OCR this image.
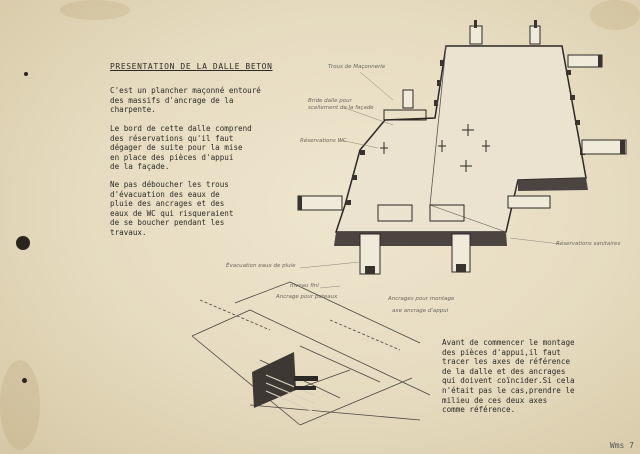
Trous de Maçonnerie
Bride dalle pour
scellement de la façade
Réservations WC
Réservations sanitaires
Évacuation eaux de pluie
niveau fini
Ancrage pour poteaux	Ancrages pour montage
axe ancrage d'appui
PRESENTATION DE LA DALLE BETON
C'est un plancher maçonné entouré
des massifs d'ancrage de la
charpente.
Le bord de cette dalle comprend
des réservations qu'il faut
dégager de suite pour la mise
en place des pièces d'appui
de la façade.
Ne pas déboucher les trous
d'évacuation des eaux de
pluie des ancrages et des
eaux de WC qui risqueraient
de se boucher pendant les
travaux.
Avant de commencer le montage
des pièces d'appui,il faut
tracer les axes de référence
de la dalle et des ancrages
qui doivent coïncider.Si cela
n'était pas le cas,prendre le
milieu de ces deux axes
comme référence.
Wms 7
